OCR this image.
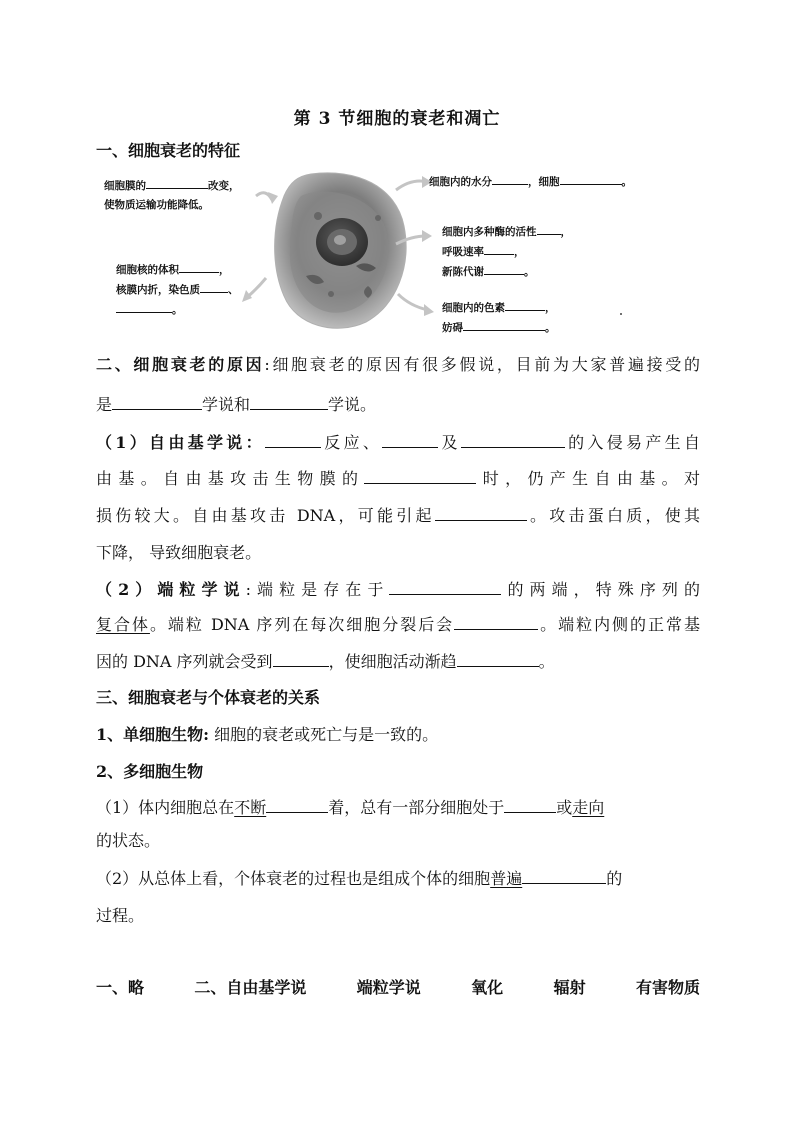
第 3 节细胞的衰老和凋亡
一、细胞衰老的特征
细胞膜的	改变，
使物质运输功能降低。
细胞内的水分	，细胞	。
细胞内多种酶的活性 ，
呼吸速率	，
新陈代谢	。
细胞核的体积	，
核膜内折，染色质	、
。	细胞内的色素	，
妨碍	。
二、细胞衰老的原因:细胞衰老的原因有很多假说，目前为大家普遍接受的
是	学说和	学说。
（1）自由基学说：	反应、	及	的入侵易产生自
由基。自由基攻击生物膜的	时，仍产生自由基。对
损伤较大。自由基攻击 DNA，可能引起	。攻击蛋白质，使其
下降， 导致细胞衰老。
（2）端粒学说:端粒是存在于	的两端，特殊序列的
复合体。端粒 DNA 序列在每次细胞分裂后会	。端粒内侧的正常基
因的 DNA 序列就会受到	，使细胞活动渐趋	。
三、细胞衰老与个体衰老的关系
1、单细胞生物: 细胞的衰老或死亡与是一致的。
2、多细胞生物
（1）体内细胞总在不断	着，总有一部分细胞处于	或走向
的状态。
（2）从总体上看，个体衰老的过程也是组成个体的细胞普遍	的
过程。
一、略	二、自由基学说	端粒学说	氧化	辐射	有害物质
